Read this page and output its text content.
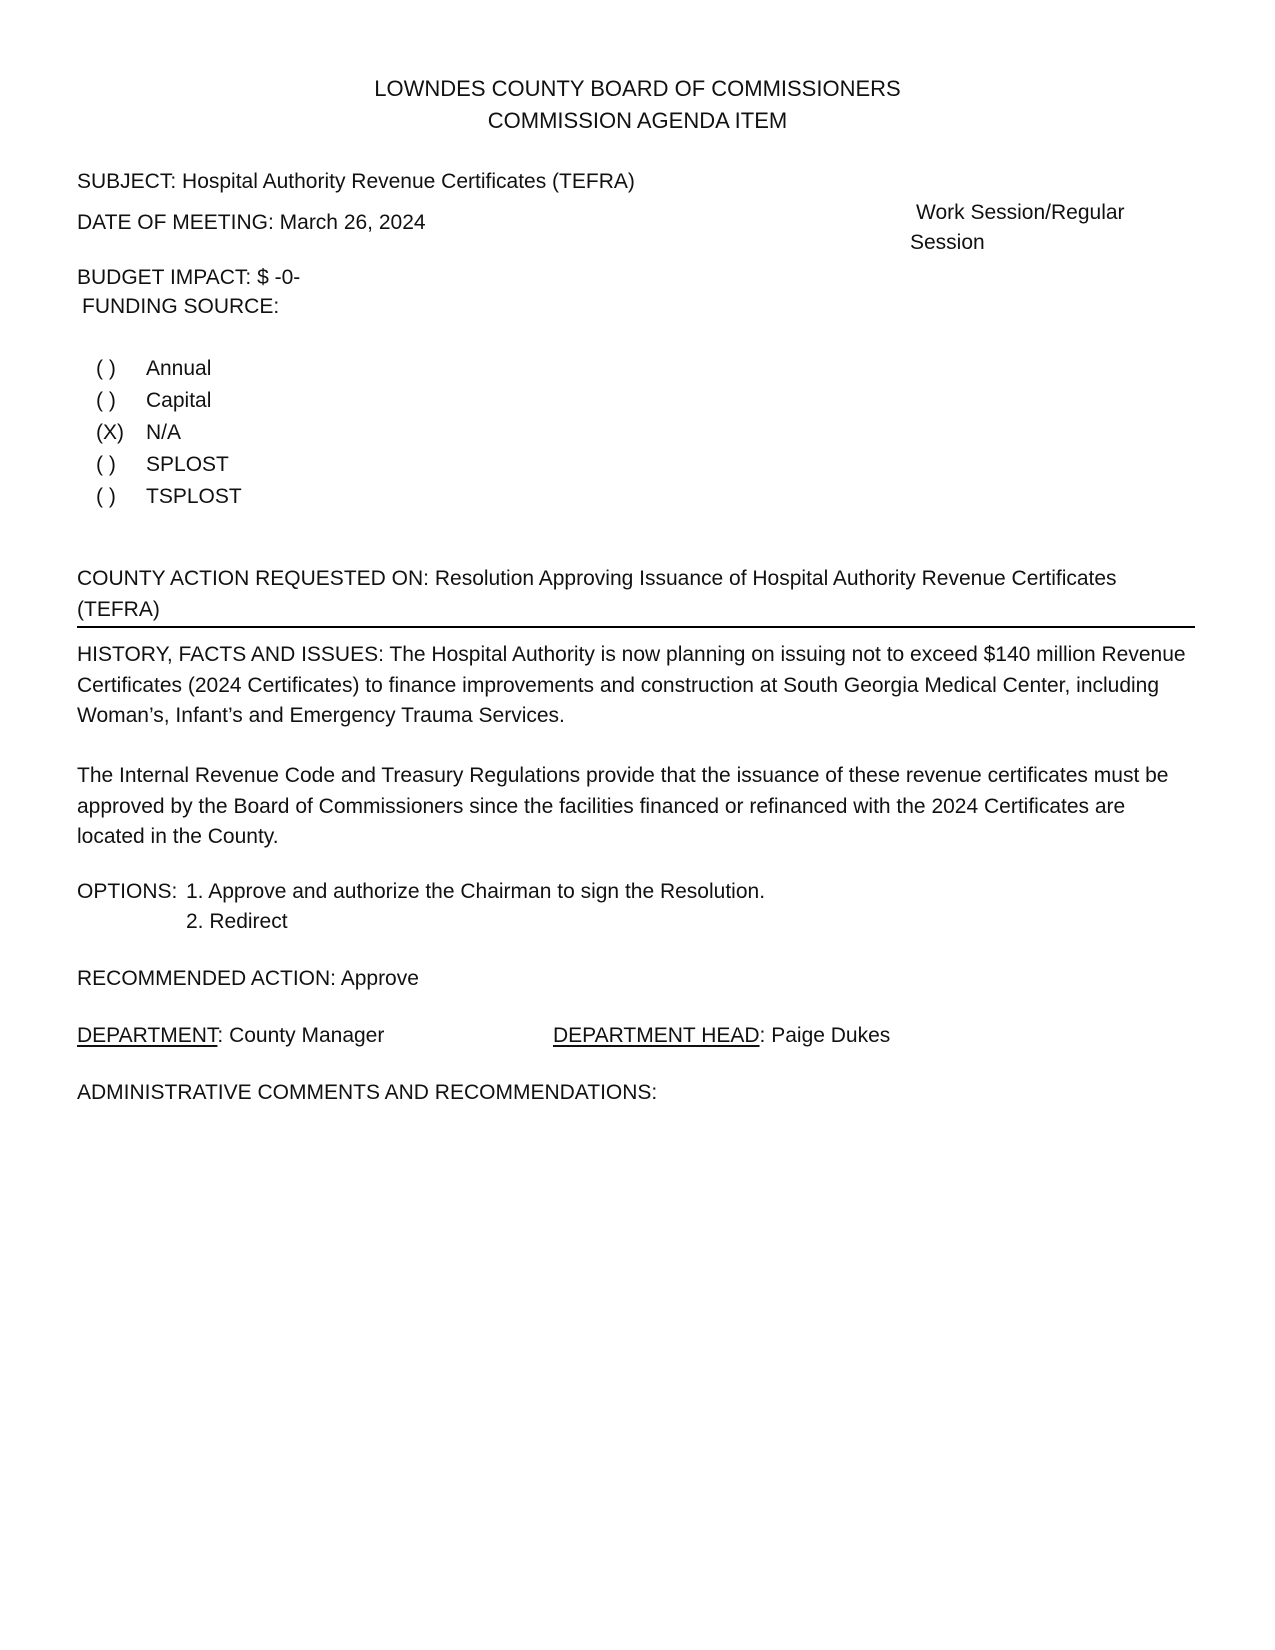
LOWNDES COUNTY BOARD OF COMMISSIONERS
COMMISSION AGENDA ITEM
SUBJECT: Hospital Authority Revenue Certificates (TEFRA)
DATE OF MEETING: March 26, 2024	Work Session/Regular
Session
BUDGET IMPACT: $ -0-
FUNDING SOURCE:
( ) Annual
( ) Capital
(X) N/A
( ) SPLOST
( ) TSPLOST
COUNTY ACTION REQUESTED ON: Resolution Approving Issuance of Hospital Authority Revenue Certificates (TEFRA)
HISTORY, FACTS AND ISSUES: The Hospital Authority is now planning on issuing not to exceed $140 million Revenue Certificates (2024 Certificates) to finance improvements and construction at South Georgia Medical Center, including Woman’s, Infant’s and Emergency Trauma Services.
The Internal Revenue Code and Treasury Regulations provide that the issuance of these revenue certificates must be approved by the Board of Commissioners since the facilities financed or refinanced with the 2024 Certificates are located in the County.
OPTIONS: 1. Approve and authorize the Chairman to sign the Resolution.
2. Redirect
RECOMMENDED ACTION: Approve
DEPARTMENT: County Manager	DEPARTMENT HEAD: Paige Dukes
ADMINISTRATIVE COMMENTS AND RECOMMENDATIONS:
